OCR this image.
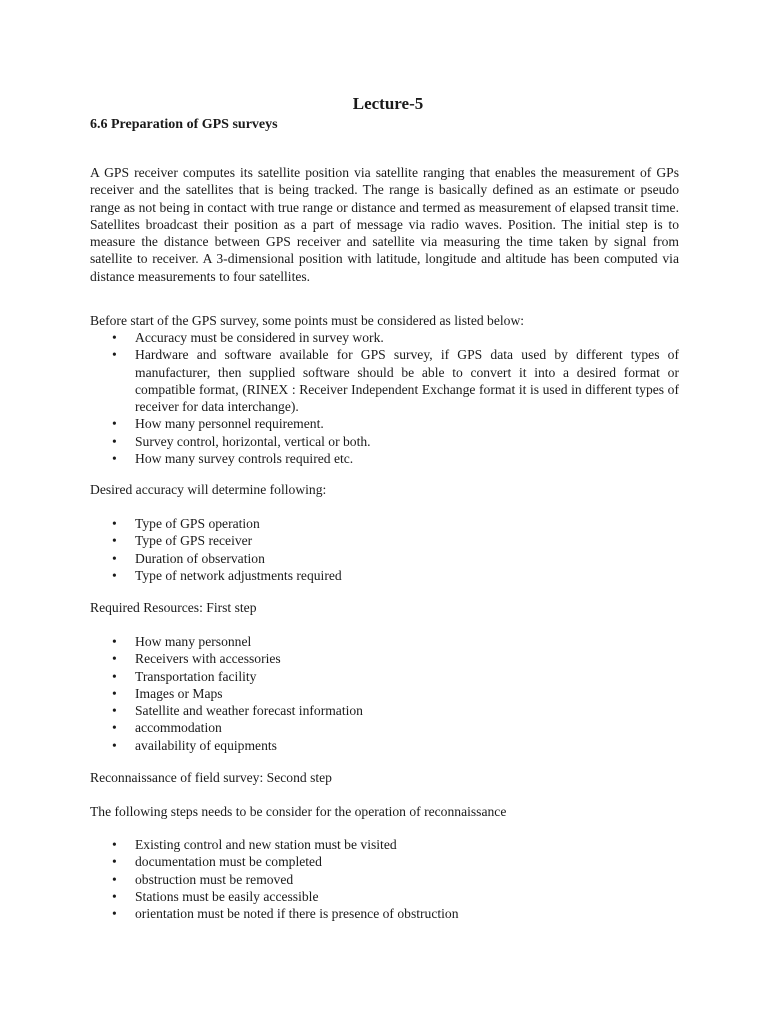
Lecture-5
6.6 Preparation of GPS surveys
A GPS receiver computes its satellite position via satellite ranging that enables the measurement of GPs receiver and the satellites that is being tracked. The range is basically defined as an estimate or pseudo range as not being in contact with true range or distance and termed as measurement of elapsed transit time. Satellites broadcast their position as a part of message via radio waves. Position. The initial step is to measure the distance between GPS receiver and satellite via measuring the time taken by signal from satellite to receiver. A 3-dimensional position with latitude, longitude and altitude has been computed via distance measurements to four satellites.
Before start of the GPS survey, some points must be considered as listed below:
• Accuracy must be considered in survey work.
• Hardware and software available for GPS survey, if GPS data used by different types of manufacturer, then supplied software should be able to convert it into a desired format or compatible format, (RINEX : Receiver Independent Exchange format it is used in different types of receiver for data interchange).
• How many personnel requirement.
• Survey control, horizontal, vertical or both.
• How many survey controls required etc.
Desired accuracy will determine following:
• Type of GPS operation
• Type of GPS receiver
• Duration of observation
• Type of network adjustments required
Required Resources: First step
• How many personnel
• Receivers with accessories
• Transportation facility
• Images or Maps
• Satellite and weather forecast information
• accommodation
• availability of equipments
Reconnaissance of field survey: Second step
The following steps needs to be consider for the operation of reconnaissance
• Existing control and new station must be visited
• documentation must be completed
• obstruction must be removed
• Stations must be easily accessible
• orientation must be noted if there is presence of obstruction
